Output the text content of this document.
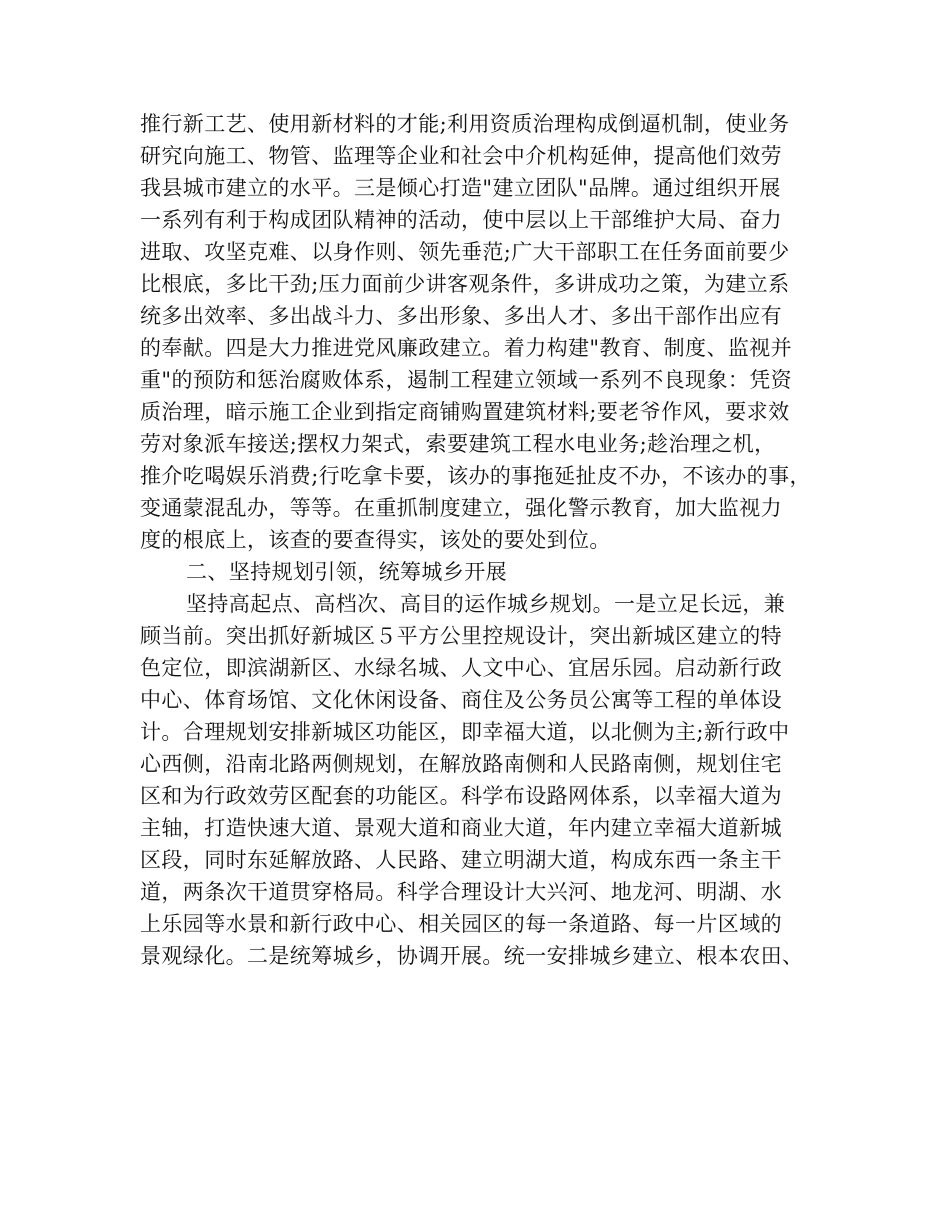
推行新工艺、使用新材料的才能;利用资质治理构成倒逼机制，使业务
研究向施工、物管、监理等企业和社会中介机构延伸，提高他们效劳
我县城市建立的水平。三是倾心打造"建立团队"品牌。通过组织开展
一系列有利于构成团队精神的活动，使中层以上干部维护大局、奋力
进取、攻坚克难、以身作则、领先垂范;广大干部职工在任务面前要少
比根底，多比干劲;压力面前少讲客观条件，多讲成功之策，为建立系
统多出效率、多出战斗力、多出形象、多出人才、多出干部作出应有
的奉献。四是大力推进党风廉政建立。着力构建"教育、制度、监视并
重"的预防和惩治腐败体系，遏制工程建立领域一系列不良现象：凭资
质治理，暗示施工企业到指定商铺购置建筑材料;要老爷作风，要求效
劳对象派车接送;摆权力架式，索要建筑工程水电业务;趁治理之机，
推介吃喝娱乐消费;行吃拿卡要，该办的事拖延扯皮不办，不该办的事，
变通蒙混乱办，等等。在重抓制度建立，强化警示教育，加大监视力
度的根底上，该查的要查得实，该处的要处到位。
二、坚持规划引领，统筹城乡开展
坚持高起点、高档次、高目的运作城乡规划。一是立足长远，兼
顾当前。突出抓好新城区５平方公里控规设计，突出新城区建立的特
色定位，即滨湖新区、水绿名城、人文中心、宜居乐园。启动新行政
中心、体育场馆、文化休闲设备、商住及公务员公寓等工程的单体设
计。合理规划安排新城区功能区，即幸福大道，以北侧为主;新行政中
心西侧，沿南北路两侧规划，在解放路南侧和人民路南侧，规划住宅
区和为行政效劳区配套的功能区。科学布设路网体系，以幸福大道为
主轴，打造快速大道、景观大道和商业大道，年内建立幸福大道新城
区段，同时东延解放路、人民路、建立明湖大道，构成东西一条主干
道，两条次干道贯穿格局。科学合理设计大兴河、地龙河、明湖、水
上乐园等水景和新行政中心、相关园区的每一条道路、每一片区域的
景观绿化。二是统筹城乡，协调开展。统一安排城乡建立、根本农田、
